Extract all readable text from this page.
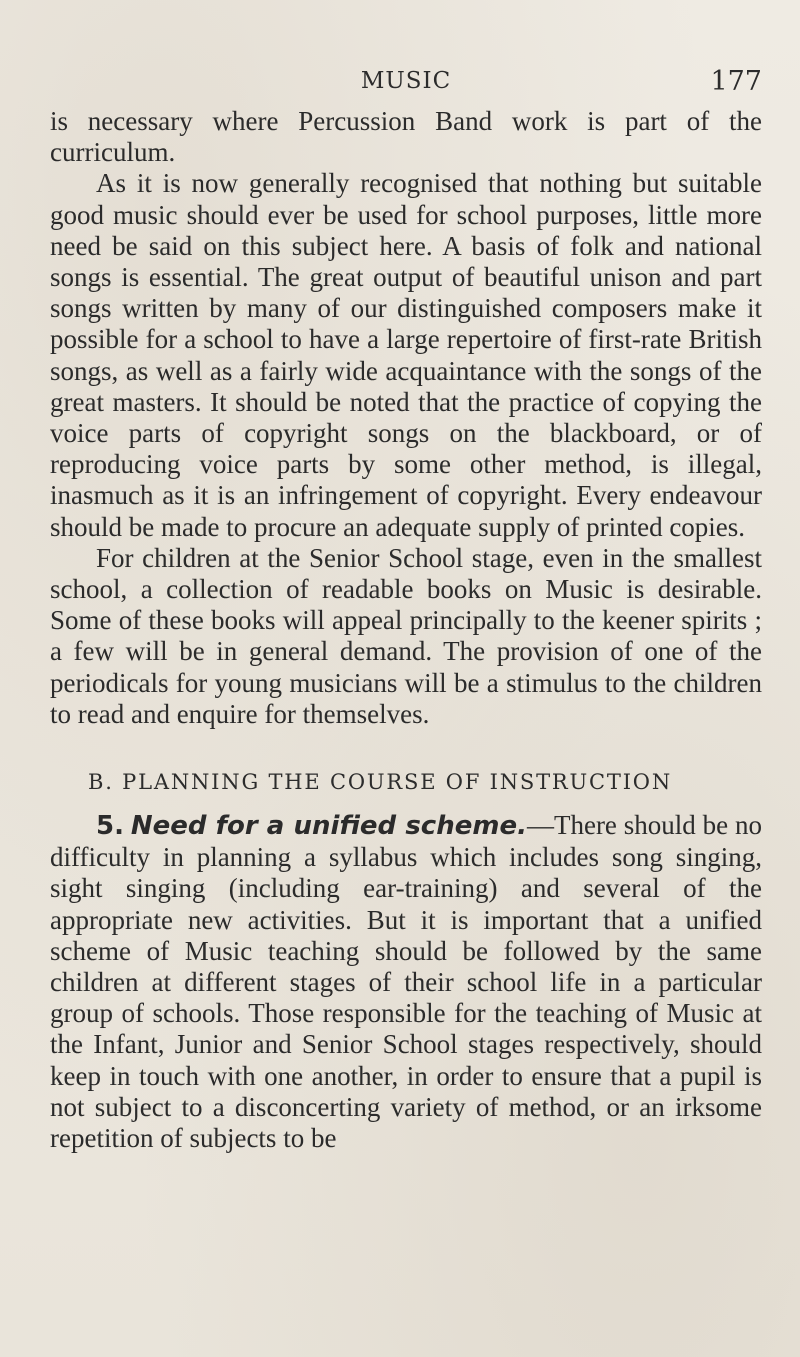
MUSIC	177

is necessary where Percussion Band work is part of the curriculum.

As it is now generally recognised that nothing but suitable good music should ever be used for school purposes, little more need be said on this subject here. A basis of folk and national songs is essential. The great output of beautiful unison and part songs written by many of our distinguished composers make it possible for a school to have a large repertoire of first-rate British songs, as well as a fairly wide acquaintance with the songs of the great masters. It should be noted that the practice of copying the voice parts of copyright songs on the blackboard, or of reproducing voice parts by some other method, is illegal, inasmuch as it is an infringement of copyright. Every endeavour should be made to procure an adequate supply of printed copies.

For children at the Senior School stage, even in the smallest school, a collection of readable books on Music is desirable. Some of these books will appeal principally to the keener spirits ; a few will be in general demand. The provision of one of the periodicals for young musicians will be a stimulus to the children to read and enquire for themselves.

B. PLANNING THE COURSE OF INSTRUCTION

5. Need for a unified scheme.—There should be no difficulty in planning a syllabus which includes song singing, sight singing (including ear-training) and several of the appropriate new activities. But it is important that a unified scheme of Music teaching should be followed by the same children at different stages of their school life in a particular group of schools. Those responsible for the teaching of Music at the Infant, Junior and Senior School stages respectively, should keep in touch with one another, in order to ensure that a pupil is not subject to a disconcerting variety of method, or an irksome repetition of subjects to be
